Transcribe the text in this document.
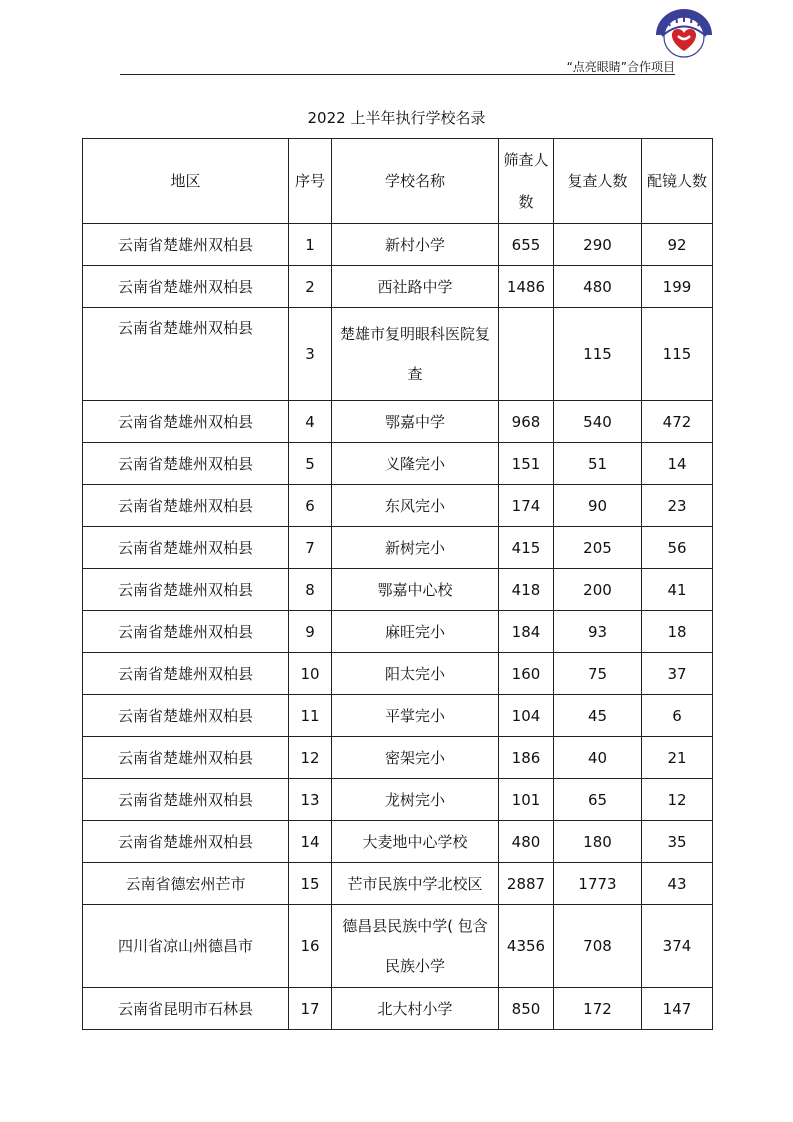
“点亮眼睛”合作项目
2022 上半年执行学校名录
地区	序号	学校名称	筛查人数	复查人数	配镜人数
云南省楚雄州双柏县	1	新村小学	655	290	92
云南省楚雄州双柏县	2	西社路中学	1486	480	199
云南省楚雄州双柏县	3	楚雄市复明眼科医院复查		115	115
云南省楚雄州双柏县	4	鄂嘉中学	968	540	472
云南省楚雄州双柏县	5	义隆完小	151	51	14
云南省楚雄州双柏县	6	东风完小	174	90	23
云南省楚雄州双柏县	7	新树完小	415	205	56
云南省楚雄州双柏县	8	鄂嘉中心校	418	200	41
云南省楚雄州双柏县	9	麻旺完小	184	93	18
云南省楚雄州双柏县	10	阳太完小	160	75	37
云南省楚雄州双柏县	11	平掌完小	104	45	6
云南省楚雄州双柏县	12	密架完小	186	40	21
云南省楚雄州双柏县	13	龙树完小	101	65	12
云南省楚雄州双柏县	14	大麦地中心学校	480	180	35
云南省德宏州芒市	15	芒市民族中学北校区	2887	1773	43
四川省凉山州德昌市	16	德昌县民族中学( 包含民族小学	4356	708	374
云南省昆明市石林县	17	北大村小学	850	172	147
